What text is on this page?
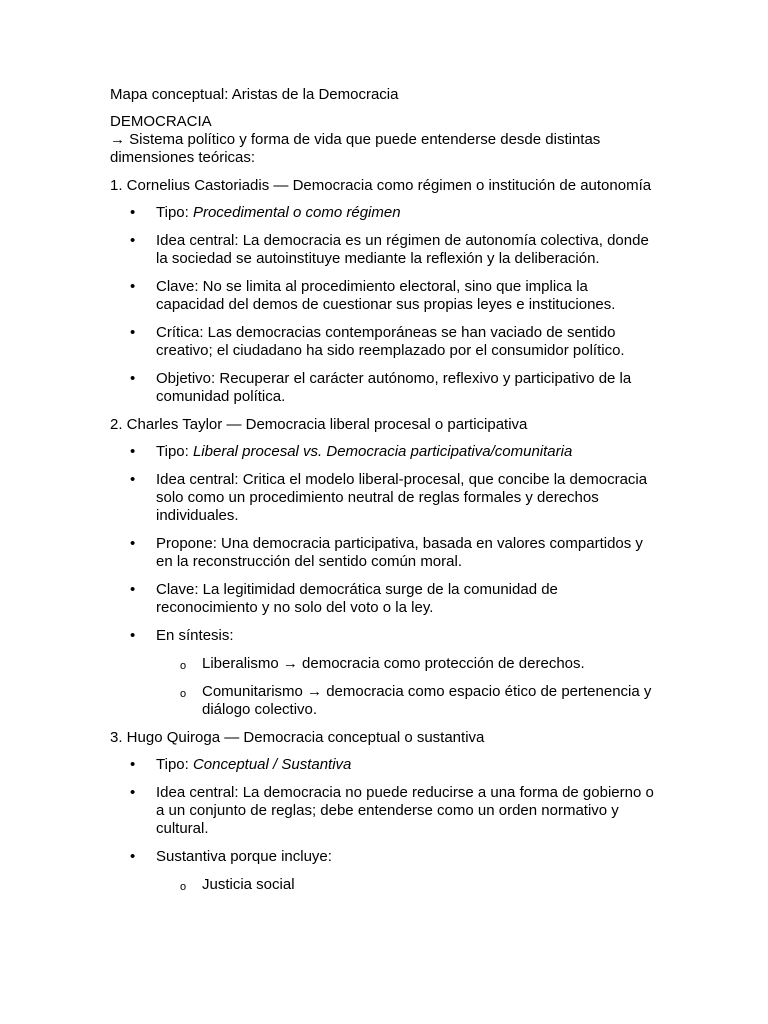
Mapa conceptual: Aristas de la Democracia

DEMOCRACIA

→ Sistema político y forma de vida que puede entenderse desde distintas dimensiones teóricas:

1. Cornelius Castoriadis — Democracia como régimen o institución de autonomía

• Tipo: Procedimental o como régimen
• Idea central: La democracia es un régimen de autonomía colectiva, donde la sociedad se autoinstituye mediante la reflexión y la deliberación.
• Clave: No se limita al procedimiento electoral, sino que implica la capacidad del demos de cuestionar sus propias leyes e instituciones.
• Crítica: Las democracias contemporáneas se han vaciado de sentido creativo; el ciudadano ha sido reemplazado por el consumidor político.
• Objetivo: Recuperar el carácter autónomo, reflexivo y participativo de la comunidad política.

2. Charles Taylor — Democracia liberal procesal o participativa

• Tipo: Liberal procesal vs. Democracia participativa/comunitaria
• Idea central: Critica el modelo liberal-procesal, que concibe la democracia solo como un procedimiento neutral de reglas formales y derechos individuales.
• Propone: Una democracia participativa, basada en valores compartidos y en la reconstrucción del sentido común moral.
• Clave: La legitimidad democrática surge de la comunidad de reconocimiento y no solo del voto o la ley.
• En síntesis:
o Liberalismo → democracia como protección de derechos.
o Comunitarismo → democracia como espacio ético de pertenencia y diálogo colectivo.

3. Hugo Quiroga — Democracia conceptual o sustantiva

• Tipo: Conceptual / Sustantiva
• Idea central: La democracia no puede reducirse a una forma de gobierno o a un conjunto de reglas; debe entenderse como un orden normativo y cultural.
• Sustantiva porque incluye:
o Justicia social
